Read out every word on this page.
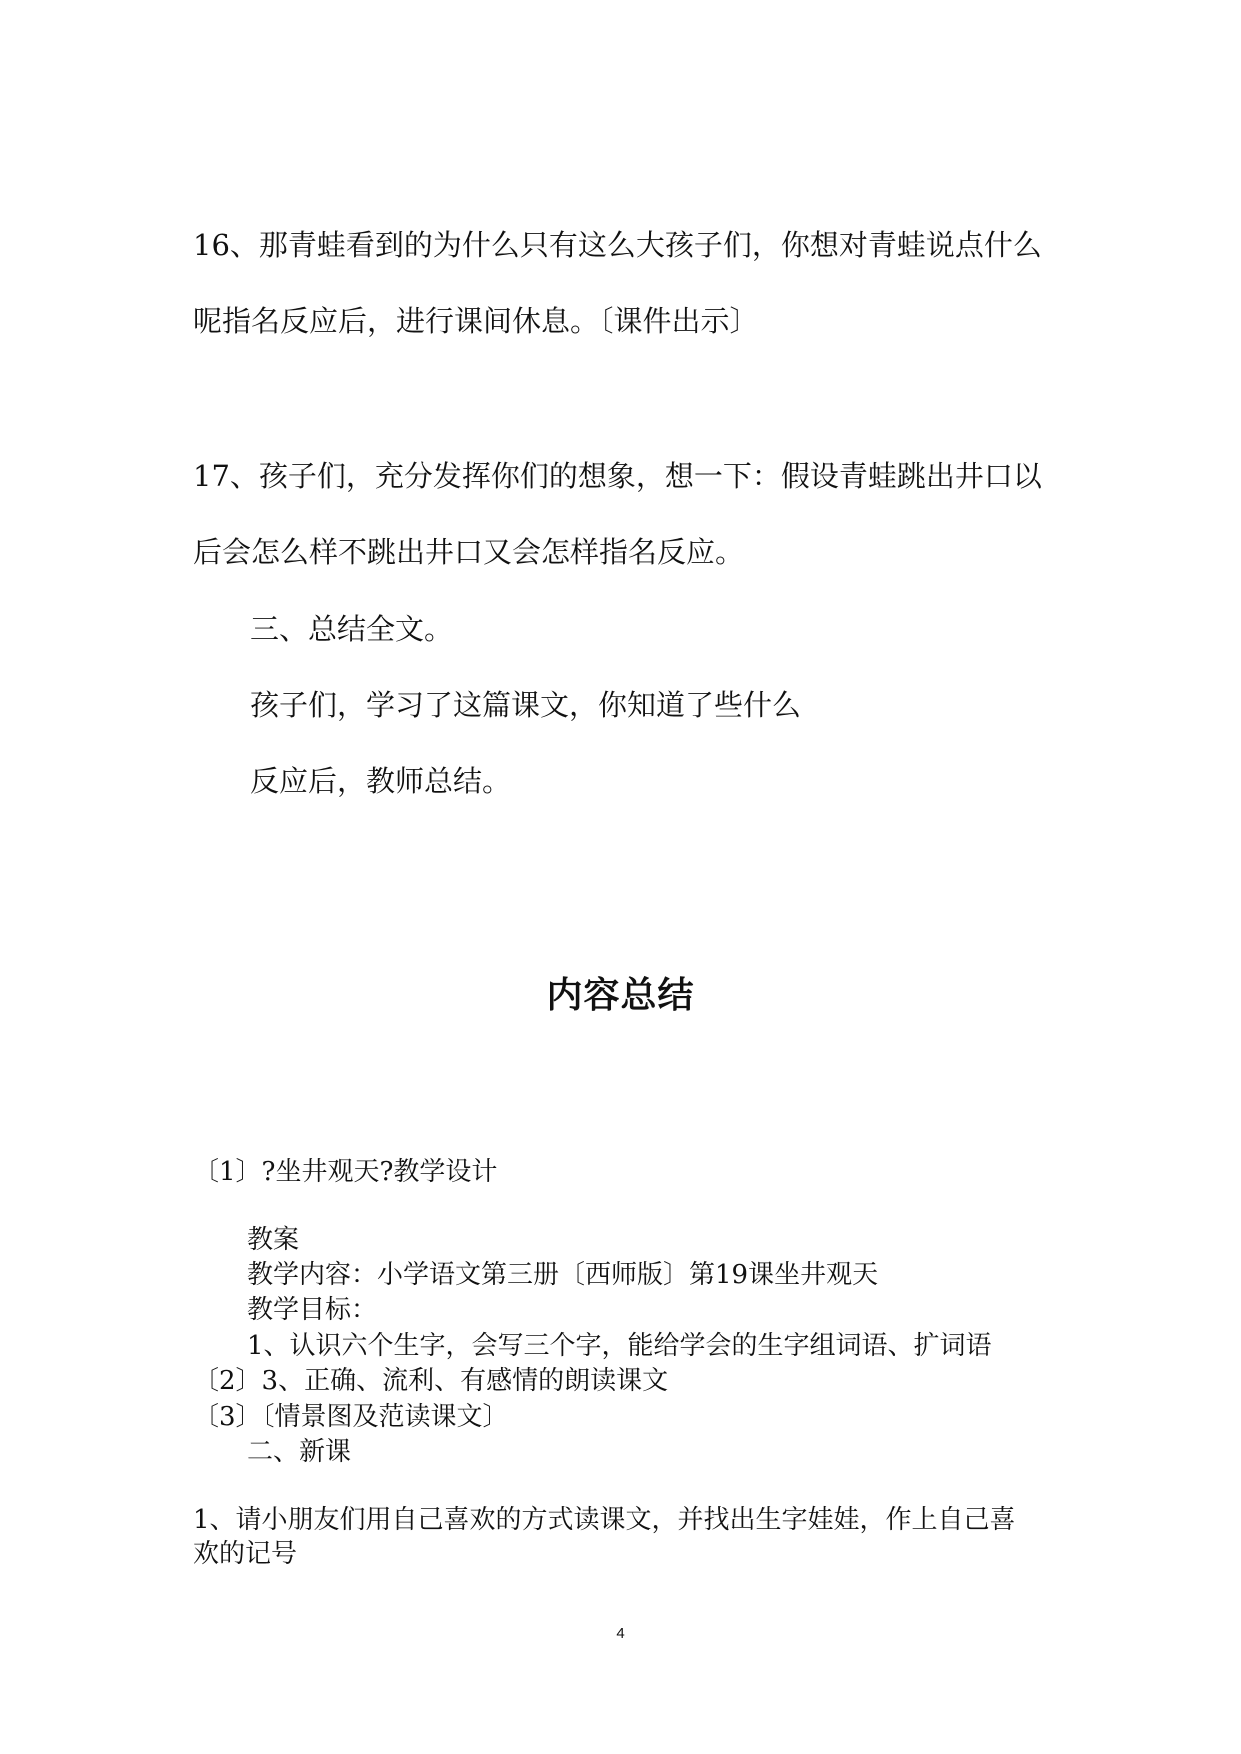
16、那青蛙看到的为什么只有这么大孩子们，你想对青蛙说点什么

呢指名反应后，进行课间休息。〔课件出示〕

17、孩子们，充分发挥你们的想象，想一下：假设青蛙跳出井口以

后会怎么样不跳出井口又会怎样指名反应。

三、总结全文。

孩子们，学习了这篇课文，你知道了些什么

反应后，教师总结。

内容总结

〔1〕?坐井观天?教学设计

教案

教学内容：小学语文第三册〔西师版〕第19课坐井观天

教学目标：

1、认识六个生字，会写三个字，能给学会的生字组词语、扩词语

〔2〕3、正确、流利、有感情的朗读课文

〔3〕〔情景图及范读课文〕

二、新课

1、请小朋友们用自己喜欢的方式读课文，并找出生字娃娃，作上自己喜

欢的记号

4
